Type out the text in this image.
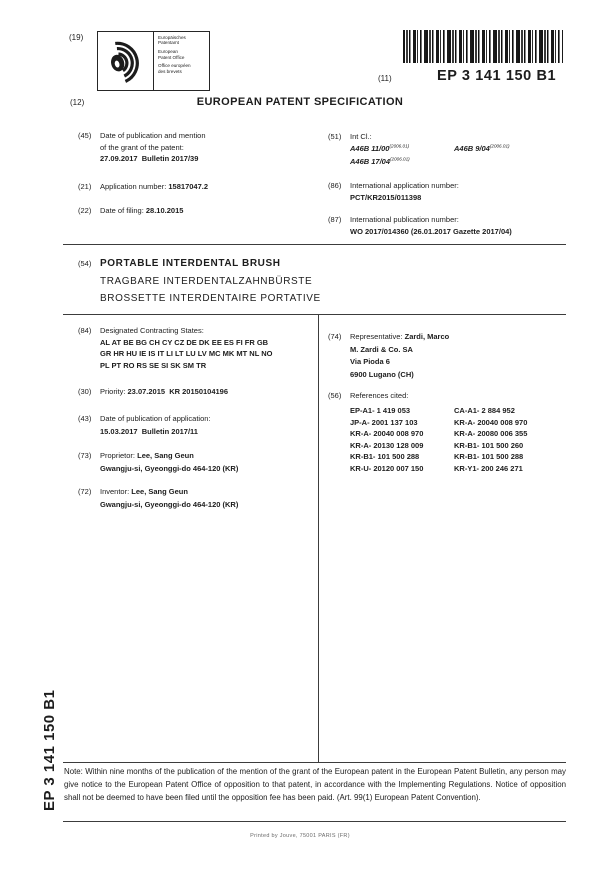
(19)	Europäisches
Patentamt
European
Patent Office
Office européen
des brevets
(11)	EP 3 141 150 B1
(12)	EUROPEAN PATENT SPECIFICATION
(45)	Date of publication and mention
of the grant of the patent:
27.09.2017  Bulletin 2017/39
(21)	Application number: 15817047.2
(22)	Date of filing: 28.10.2015
(51)	Int Cl.:
A46B $11/00^{(2006.01)}$	A46B $9/04^{(2006.01)}$
A46B $17/04^{(2006.01)}$
(86)	International application number:
PCT/KR2015/011398
(87)	International publication number:
WO 2017/014360 (26.01.2017 Gazette 2017/04)
(54) PORTABLE INTERDENTAL BRUSH
TRAGBARE INTERDENTALZAHNBÜRSTE
BROSSETTE INTERDENTAIRE PORTATIVE
(84)	Designated Contracting States:
AL AT BE BG CH CY CZ DE DK EE ES FI FR GB
GR HR HU IE IS IT LI LT LU LV MC MK MT NL NO
PL PT RO RS SE SI SK SM TR
(30)	Priority: 23.07.2015  KR 20150104196
(43)	Date of publication of application:
15.03.2017  Bulletin 2017/11
(73)	Proprietor: Lee, Sang Geun
Gwangju-si, Gyeonggi-do 464-120 (KR)
(72)	Inventor: Lee, Sang Geun
Gwangju-si, Gyeonggi-do 464-120 (KR)
(74)	Representative: Zardi, Marco
M. Zardi & Co. SA
Via Pioda 6
6900 Lugano (CH)
(56)	References cited:
EP-A1- 1 419 053	CA-A1- 2 884 952
JP-A- 2001 137 103	KR-A- 20040 008 970
KR-A- 20040 008 970	KR-A- 20080 006 355
KR-A- 20130 128 009	KR-B1- 101 500 260
KR-B1- 101 500 288	KR-B1- 101 500 288
KR-U- 20120 007 150	KR-Y1- 200 246 271
Note: Within nine months of the publication of the mention of the grant of the European patent in the European Patent Bulletin, any person may give notice to the European Patent Office of opposition to that patent, in accordance with the Implementing Regulations. Notice of opposition shall not be deemed to have been filed until the opposition fee has been paid. (Art. 99(1) European Patent Convention).
Printed by Jouve, 75001 PARIS (FR)
EP 3 141 150 B1
